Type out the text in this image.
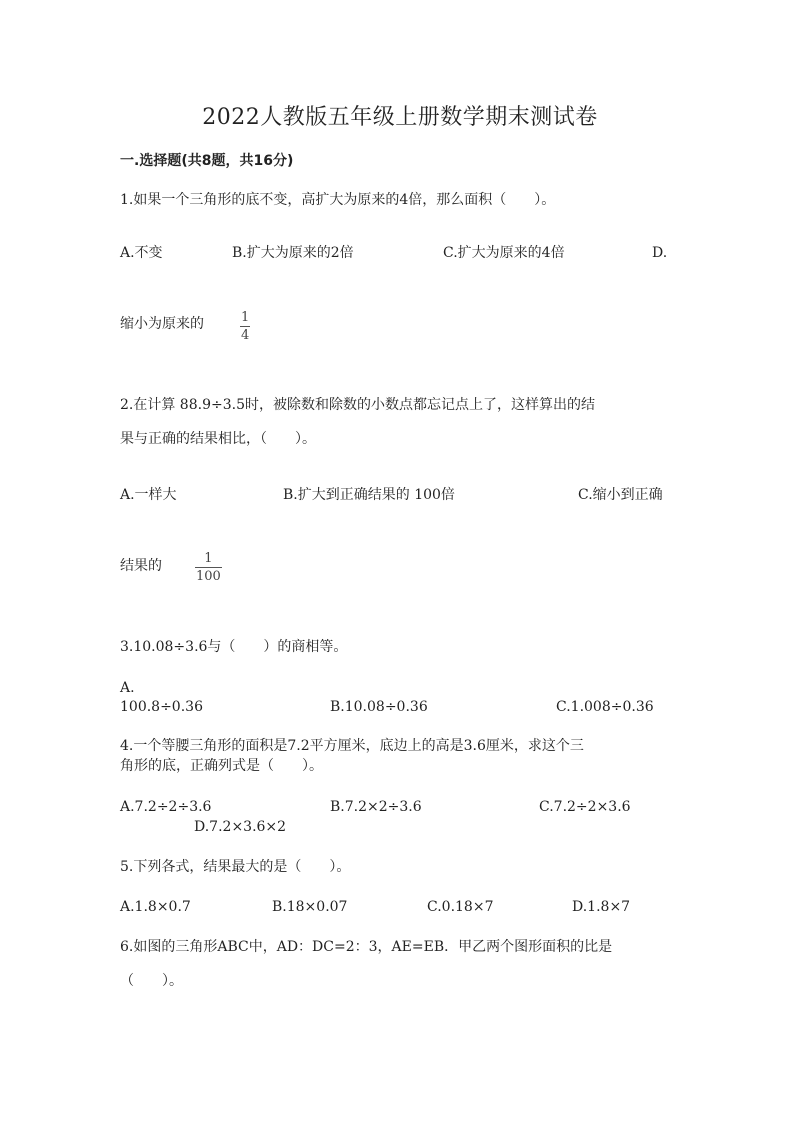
2022人教版五年级上册数学期末测试卷
一.选择题(共8题，共16分)
1.如果一个三角形的底不变，高扩大为原来的4倍，那么面积（　　）。
A.不变	B.扩大为原来的2倍	C.扩大为原来的4倍	D.
缩小为原来的	1
4
2.在计算 88.9÷3.5时，被除数和除数的小数点都忘记点上了，这样算出的结
果与正确的结果相比，（　　）。
A.一样大	B.扩大到正确结果的 100倍	C.缩小到正确
结果的	1
100
3.10.08÷3.6与（　　）的商相等。
A.
100.8÷0.36	B.10.08÷0.36	C.1.008÷0.36
4.一个等腰三角形的面积是7.2平方厘米，底边上的高是3.6厘米，求这个三
角形的底，正确列式是（　　）。
A.7.2÷2÷3.6	B.7.2×2÷3.6	C.7.2÷2×3.6
D.7.2×3.6×2
5.下列各式，结果最大的是（　　）。
A.1.8×0.7	B.18×0.07	C.0.18×7	D.1.8×7
6.如图的三角形ABC中，AD：DC=2：3，AE=EB．甲乙两个图形面积的比是
（　　）。
